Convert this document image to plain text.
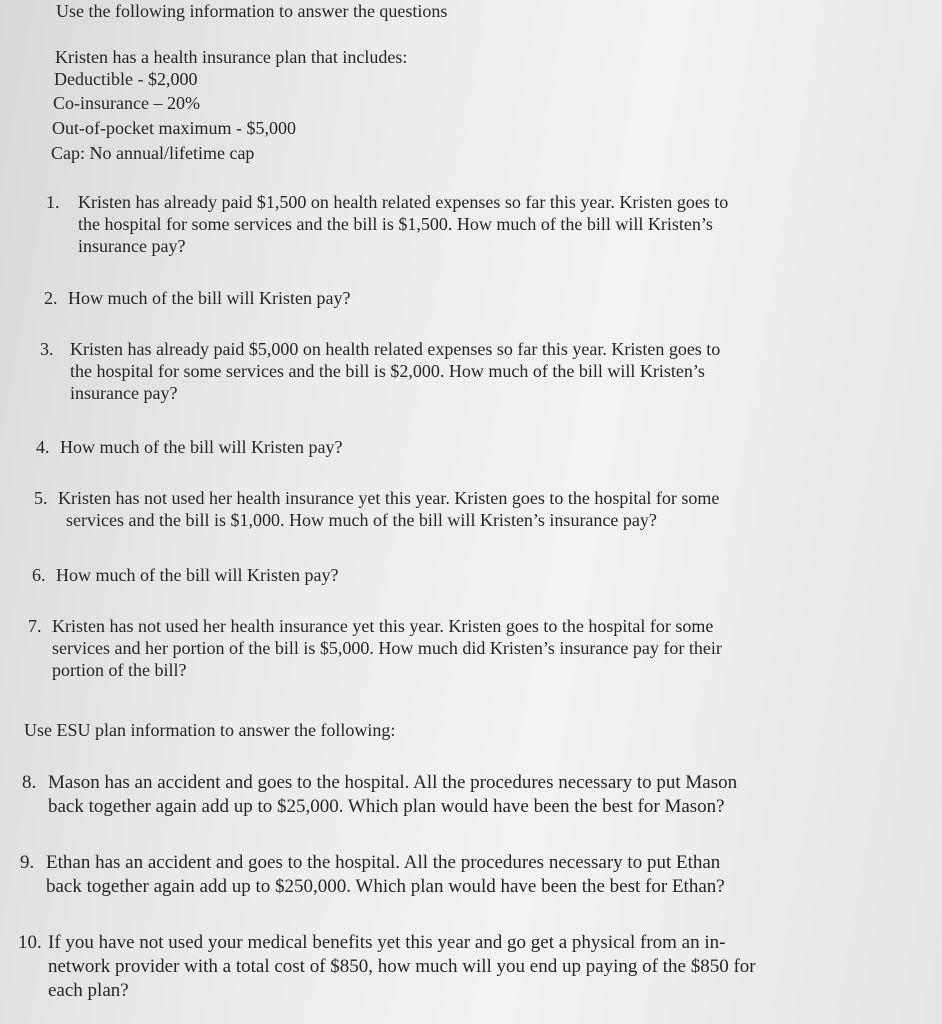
Use the following information to answer the questions
Kristen has a health insurance plan that includes:
Deductible - $2,000
Co-insurance – 20%
Out-of-pocket maximum - $5,000
Cap: No annual/lifetime cap
1. Kristen has already paid $1,500 on health related expenses so far this year. Kristen goes to
the hospital for some services and the bill is $1,500. How much of the bill will Kristen’s
insurance pay?
2. How much of the bill will Kristen pay?
3. Kristen has already paid $5,000 on health related expenses so far this year. Kristen goes to
the hospital for some services and the bill is $2,000. How much of the bill will Kristen’s
insurance pay?
4. How much of the bill will Kristen pay?
5. Kristen has not used her health insurance yet this year. Kristen goes to the hospital for some
services and the bill is $1,000. How much of the bill will Kristen’s insurance pay?
6. How much of the bill will Kristen pay?
7. Kristen has not used her health insurance yet this year. Kristen goes to the hospital for some
services and her portion of the bill is $5,000. How much did Kristen’s insurance pay for their
portion of the bill?
Use ESU plan information to answer the following:
8. Mason has an accident and goes to the hospital. All the procedures necessary to put Mason
back together again add up to $25,000. Which plan would have been the best for Mason?
9. Ethan has an accident and goes to the hospital. All the procedures necessary to put Ethan
back together again add up to $250,000. Which plan would have been the best for Ethan?
10. If you have not used your medical benefits yet this year and go get a physical from an in-
network provider with a total cost of $850, how much will you end up paying of the $850 for
each plan?
